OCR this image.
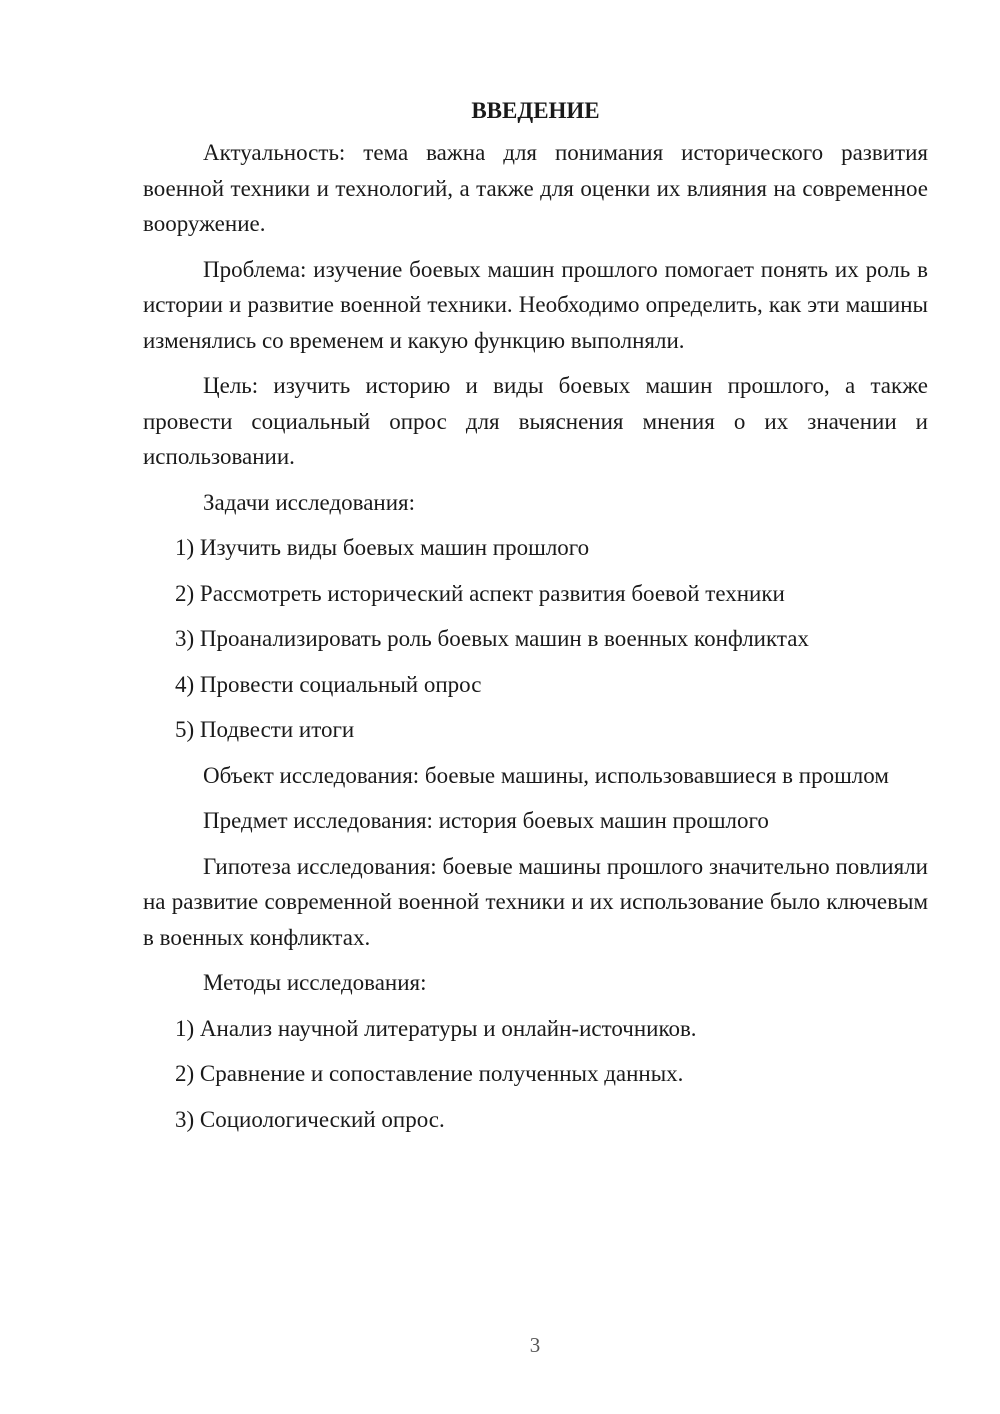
ВВЕДЕНИЕ

Актуальность: тема важна для понимания исторического развития военной техники и технологий, а также для оценки их влияния на современное вооружение.

Проблема: изучение боевых машин прошлого помогает понять их роль в истории и развитие военной техники. Необходимо определить, как эти машины изменялись со временем и какую функцию выполняли.

Цель: изучить историю и виды боевых машин прошлого, а также провести социальный опрос для выяснения мнения о их значении и использовании.

Задачи исследования:

1) Изучить виды боевых машин прошлого
2) Рассмотреть исторический аспект развития боевой техники
3) Проанализировать роль боевых машин в военных конфликтах
4) Провести социальный опрос
5) Подвести итоги

Объект исследования: боевые машины, использовавшиеся в прошлом

Предмет исследования: история боевых машин прошлого

Гипотеза исследования: боевые машины прошлого значительно повлияли на развитие современной военной техники и их использование было ключевым в военных конфликтах.

Методы исследования:

1) Анализ научной литературы и онлайн-источников.
2) Сравнение и сопоставление полученных данных.
3) Социологический опрос.
3
